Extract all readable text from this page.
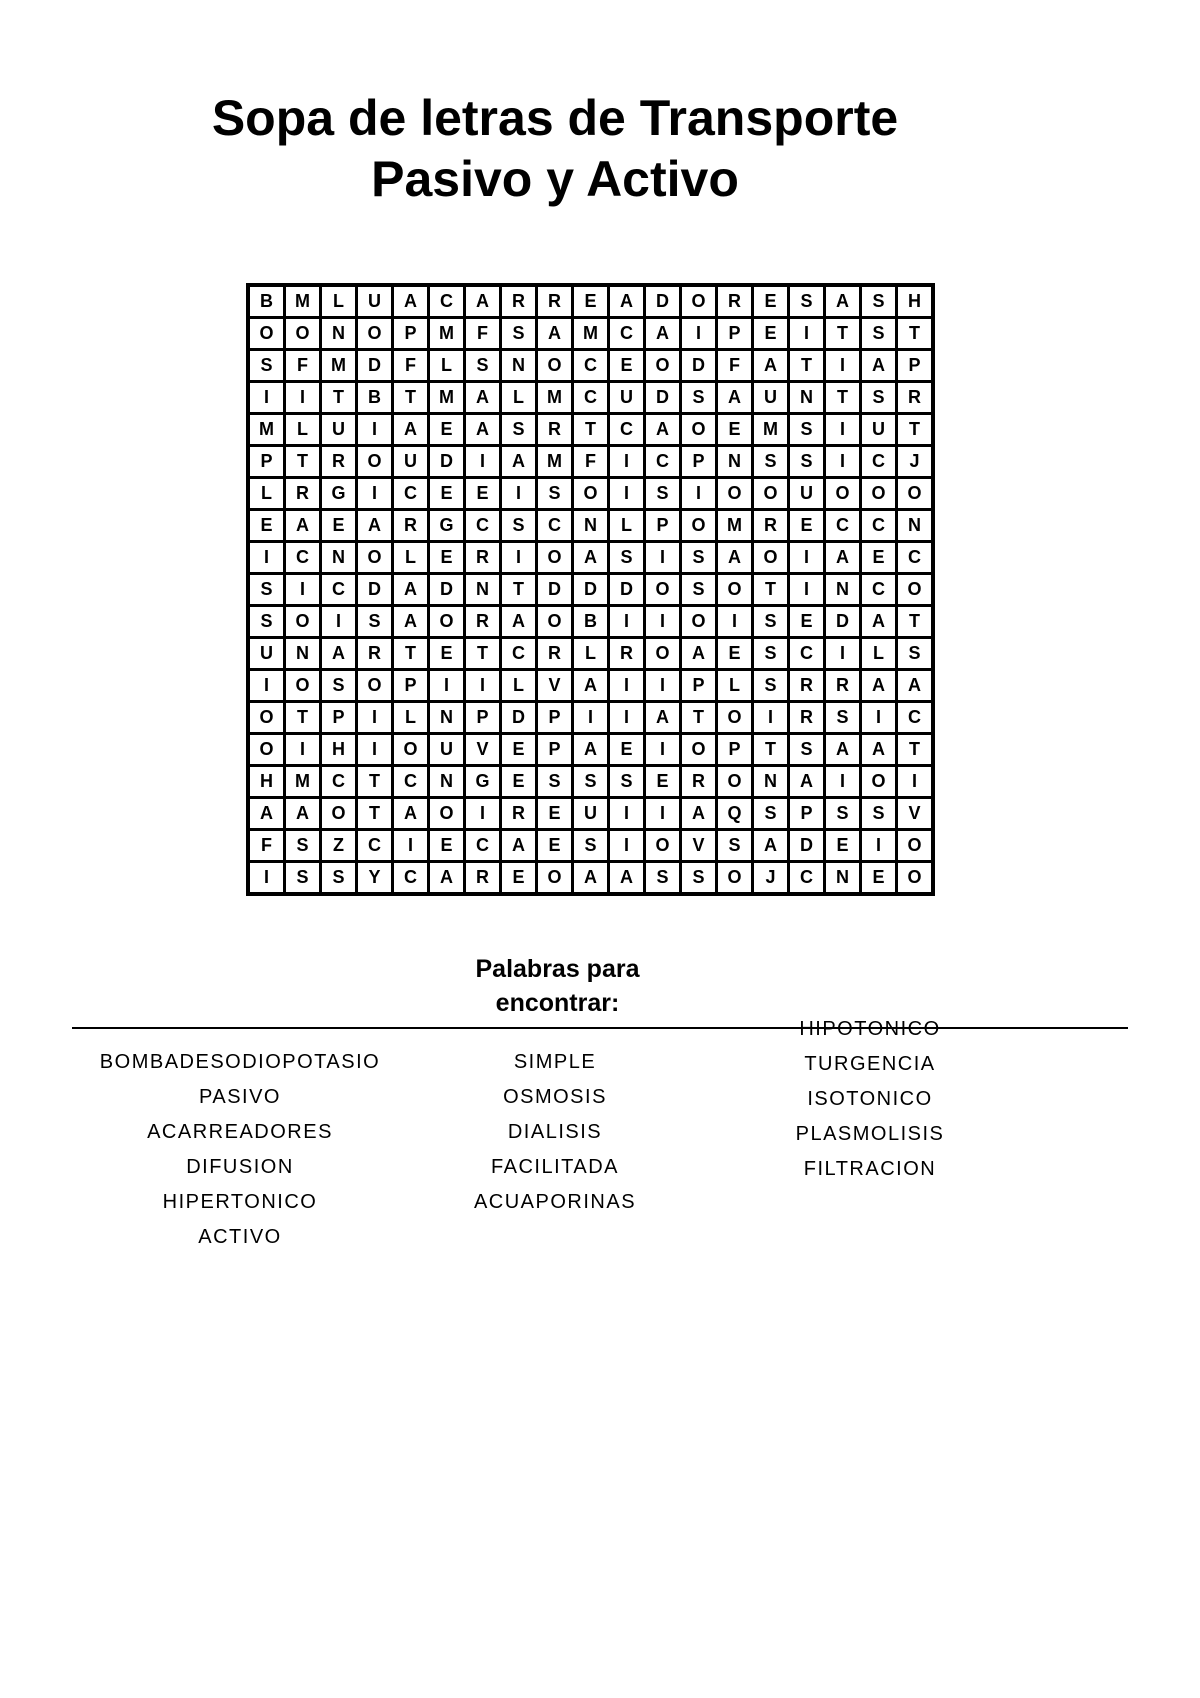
Sopa de letras de Transporte
Pasivo y Activo
B	M	L	U	A	C	A	R	R	E	A	D	O	R	E	S	A	S	H
O	O	N	O	P	M	F	S	A	M	C	A	I	P	E	I	T	S	T
S	F	M	D	F	L	S	N	O	C	E	O	D	F	A	T	I	A	P
I	I	T	B	T	M	A	L	M	C	U	D	S	A	U	N	T	S	R
M	L	U	I	A	E	A	S	R	T	C	A	O	E	M	S	I	U	T
P	T	R	O	U	D	I	A	M	F	I	C	P	N	S	S	I	C	J
L	R	G	I	C	E	E	I	S	O	I	S	I	O	O	U	O	O	O
E	A	E	A	R	G	C	S	C	N	L	P	O	M	R	E	C	C	N
I	C	N	O	L	E	R	I	O	A	S	I	S	A	O	I	A	E	C
S	I	C	D	A	D	N	T	D	D	D	O	S	O	T	I	N	C	O
S	O	I	S	A	O	R	A	O	B	I	I	O	I	S	E	D	A	T
U	N	A	R	T	E	T	C	R	L	R	O	A	E	S	C	I	L	S
I	O	S	O	P	I	I	L	V	A	I	I	P	L	S	R	R	A	A
O	T	P	I	L	N	P	D	P	I	I	A	T	O	I	R	S	I	C
O	I	H	I	O	U	V	E	P	A	E	I	O	P	T	S	A	A	T
H	M	C	T	C	N	G	E	S	S	S	E	R	O	N	A	I	O	I
A	A	O	T	A	O	I	R	E	U	I	I	A	Q	S	P	S	S	V
F	S	Z	C	I	E	C	A	E	S	I	O	V	S	A	D	E	I	O
I	S	S	Y	C	A	R	E	O	A	A	S	S	O	J	C	N	E	O
Palabras para
encontrar:
BOMBADESODIOPOTASIO
PASIVO
ACARREADORES
DIFUSION
HIPERTONICO
ACTIVO
SIMPLE
OSMOSIS
DIALISIS
FACILITADA
ACUAPORINAS
HIPOTONICO
TURGENCIA
ISOTONICO
PLASMOLISIS
FILTRACION
